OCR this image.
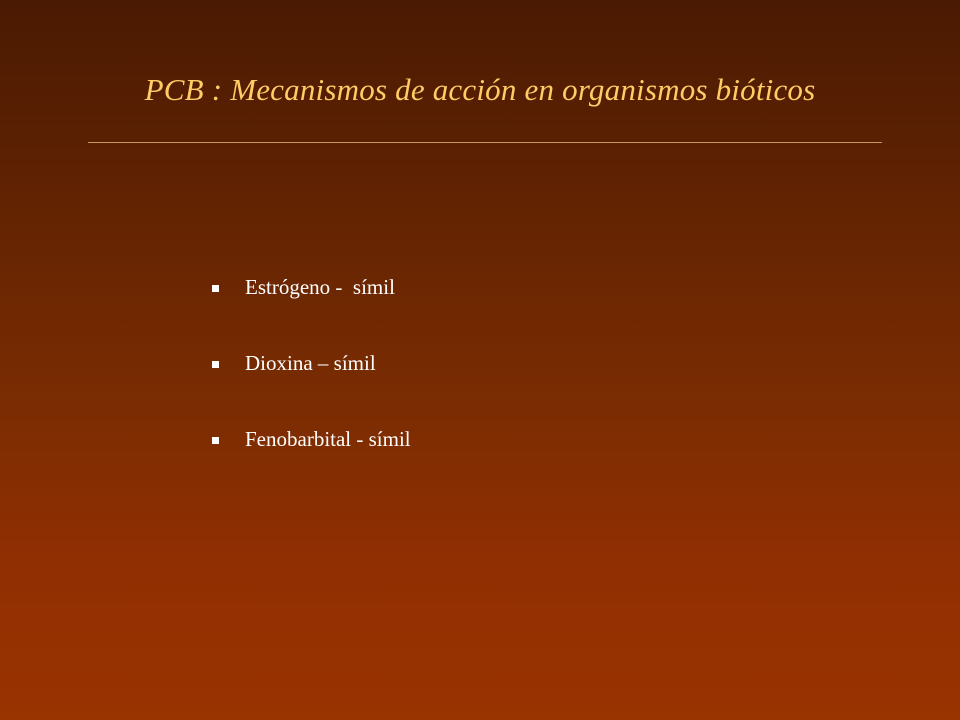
PCB : Mecanismos de acción en organismos bióticos
Estrógeno -  símil
Dioxina – símil
Fenobarbital - símil
